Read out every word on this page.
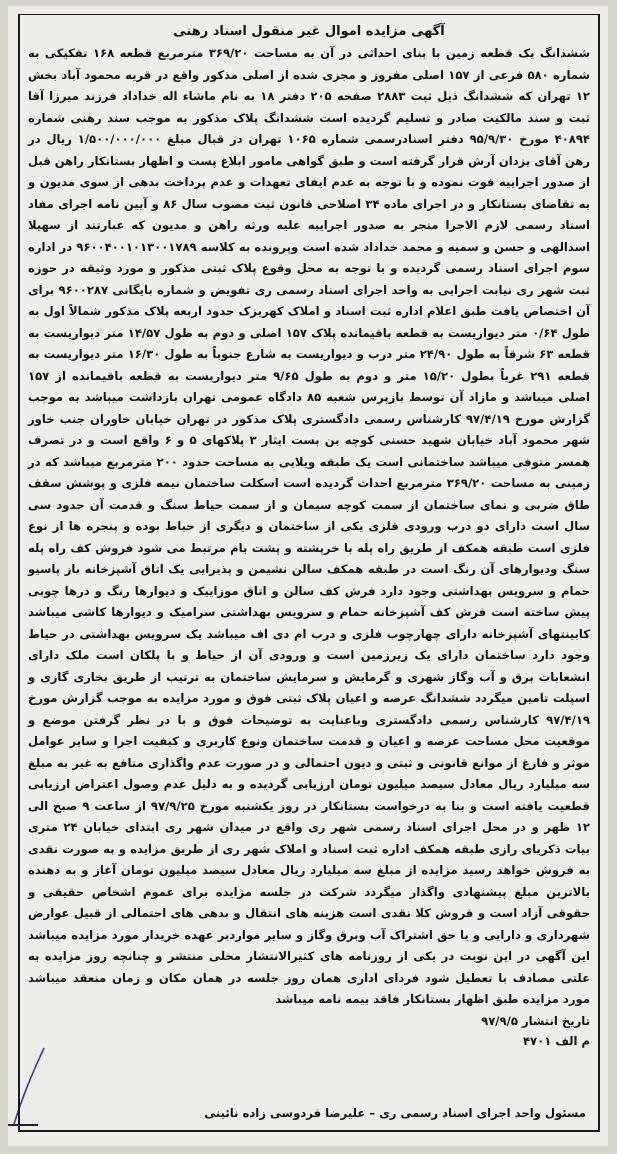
آگهی مزایده اموال غیر منقول اسناد رهنی

ششدانگ یک قطعه زمین با بنای احداثی در آن به مساحت ۳۶۹/۲۰ مترمربع قطعه ۱۶۸ تفکیکی به شماره ۵۸۰ فرعی از ۱۵۷ اصلی مفروز و مجزی شده از اصلی مذکور واقع در قریه محمود آباد بخش ۱۲ تهران که ششدانگ ذیل ثبت ۲۸۸۳ صفحه ۲۰۵ دفتر ۱۸ به نام ماشاء اله خداداد فرزند میرزا آقا ثبت و سند مالکیت صادر و تسلیم گردیده است ششدانگ پلاک مذکور به موجب سند رهنی شماره ۴۰۸۹۴ مورخ ۹۵/۹/۳۰ دفتر اسنادرسمی شماره ۱۰۶۵ تهران در قبال مبلغ ۱/۵۰۰/۰۰۰/۰۰۰ ریال در رهن آقای یزدان آرش قرار گرفته است و طبق گواهی مامور ابلاغ پست و اظهار بستانکار راهن قبل از صدور اجراییه فوت نموده و با توجه به عدم ایفای تعهدات و عدم پرداخت بدهی از سوی مدیون و به تقاضای بستانکار و در اجرای ماده ۳۴ اصلاحی قانون ثبت مصوب سال ۸۶ و آیین نامه اجرای مفاد اسناد رسمی لازم الاجرا منجر به صدور اجراییه علیه ورثه راهن و مدیون که عبارتند از سهیلا اسدالهی و حسن و سمیه و محمد خداداد شده است وپرونده به کلاسه ۹۶۰۰۴۰۰۱۰۱۳۰۰۱۷۸۹ در اداره سوم اجرای اسناد رسمی گردیده و با توجه به محل وقوع پلاک ثبتی مذکور و مورد وثیقه در حوزه ثبت شهر ری نیابت اجرایی به واحد اجرای اسناد رسمی ری تفویض و شماره بایگانی ۹۶۰۰۲۸۷ برای آن اختصاص یافت طبق اعلام اداره ثبت اسناد و املاک کهریزک حدود اربعه پلاک مذکور شمالاً اول به طول ۰/۶۴ متر دیواریست به قطعه باقیمانده پلاک ۱۵۷ اصلی و دوم به طول ۱۴/۵۷ متر دیواریست به قطعه ۶۳ شرقاً به طول ۲۴/۹۰ متر درب و دیواریست به شارع جنوباً به طول ۱۶/۳۰ متر دیواریست به قطعه ۲۹۱ غرباً بطول ۱۵/۲۰ متر و دوم به طول ۹/۶۵ متر دیواریست به قطعه باقیمانده از ۱۵۷ اصلی میباشد و مازاد آن توسط بازپرس شعبه ۸۵ دادگاه عمومی تهران بازداشت میباشد به موجب گزارش مورخ ۹۷/۴/۱۹ کارشناس رسمی دادگستری پلاک مذکور در تهران خیابان خاوران جنب خاور شهر محمود آباد خیابان شهید حسنی کوچه بن بست ایثار ۳ پلاکهای ۵ و ۶ واقع است و در تصرف همسر متوفی میباشد ساختمانی است یک طبقه ویلایی به مساحت حدود ۲۰۰ مترمربع میباشد که در زمینی به مساحت ۳۶۹/۲۰ مترمربع احداث گردیده است اسکلت ساختمان نیمه فلزی و پوشش سقف طاق ضربی و نمای ساختمان از سمت کوچه سیمان و از سمت حیاط سنگ و قدمت آن حدود سی سال است دارای دو درب ورودی فلزی یکی از ساختمان و دیگری از حیاط بوده و پنجره ها از نوع فلزی است طبقه همکف از طریق راه پله با خرپشته و پشت بام مرتبط می شود فروش کف راه پله سنگ ودیوارهای آن رنگ است در طبقه همکف سالن نشیمن و پذیرایی یک اتاق آشپزخانه باز پاسیو حمام و سرویس بهداشتی وجود دارد فرش کف سالن و اتاق موزاییک و دیوارها رنگ و درها چوبی پیش ساخته است فرش کف آشپزخانه حمام و سرویس بهداشتی سرامیک و دیوارها کاشی میباشد کابینتهای آشپزخانه دارای چهارچوب فلزی و درب ام دی اف میباشد یک سرویس بهداشتی در حیاط وجود دارد ساختمان دارای یک زیرزمین است و ورودی آن از حیاط و با پلکان است ملک دارای انشعابات برق و آب وگاز شهری و گرمایش و سرمایش ساختمان به ترتیب از طریق بخاری گازی و اسپلت تامین میگردد ششدانگ عرصه و اعیان پلاک ثبتی فوق و مورد مزایده به موجب گزارش مورخ ۹۷/۴/۱۹ کارشناس رسمی دادگستری وباعنایت به توضیحات فوق و با در نظر گرفتن موضع و موقعیت محل مساحت عرصه و اعیان و قدمت ساختمان ونوع کاربری و کیفیت اجرا و سایر عوامل موثر و فارغ از موانع قانونی و ثبتی و دیون احتمالی و در صورت عدم واگذاری منافع به غیر به مبلغ سه میلیارد ریال معادل سیصد میلیون تومان ارزیابی گردیده و به دلیل عدم وصول اعتراض ارزیابی قطعیت یافته است و بنا به درخواست بستانکار در روز یکشنبه مورخ ۹۷/۹/۲۵ از ساعت ۹ صبح الی ۱۲ ظهر و در محل اجرای اسناد رسمی شهر ری واقع در میدان شهر ری ابتدای خیابان ۲۴ متری بیات ذکریای رازی طبقه همکف اداره ثبت اسناد و املاک شهر ری از طریق مزایده و به صورت نقدی به فروش خواهد رسید مزایده از مبلغ سه میلیارد ریال معادل سیصد میلیون تومان آغاز و به دهنده بالاترین مبلغ پیشنهادی واگذار میگردد شرکت در جلسه مزایده برای عموم اشخاص حقیقی و حقوقی آزاد است و فروش کلا نقدی است هزینه های انتقال و بدهی های احتمالی از قبیل عوارض شهرداری و دارایی و یا حق اشتراک آب وبرق وگاز و سایر مواردبر عهده خریدار مورد مزایده میباشد این آگهی در این نوبت در یکی از روزنامه های کثیرالانتشار محلی منتشر و چنانچه روز مزایده به علتی مصادف با تعطیل شود فردای اداری همان روز جلسه در همان مکان و زمان منعقد میباشد مورد مزایده طبق اظهار بستانکار فاقد بیمه نامه میباشد

تاریخ انتشار ۹۷/۹/۵

م الف ۴۷۰۱

مسئول واحد اجرای اسناد رسمی ری – علیرضا فردوسی زاده نائینی
